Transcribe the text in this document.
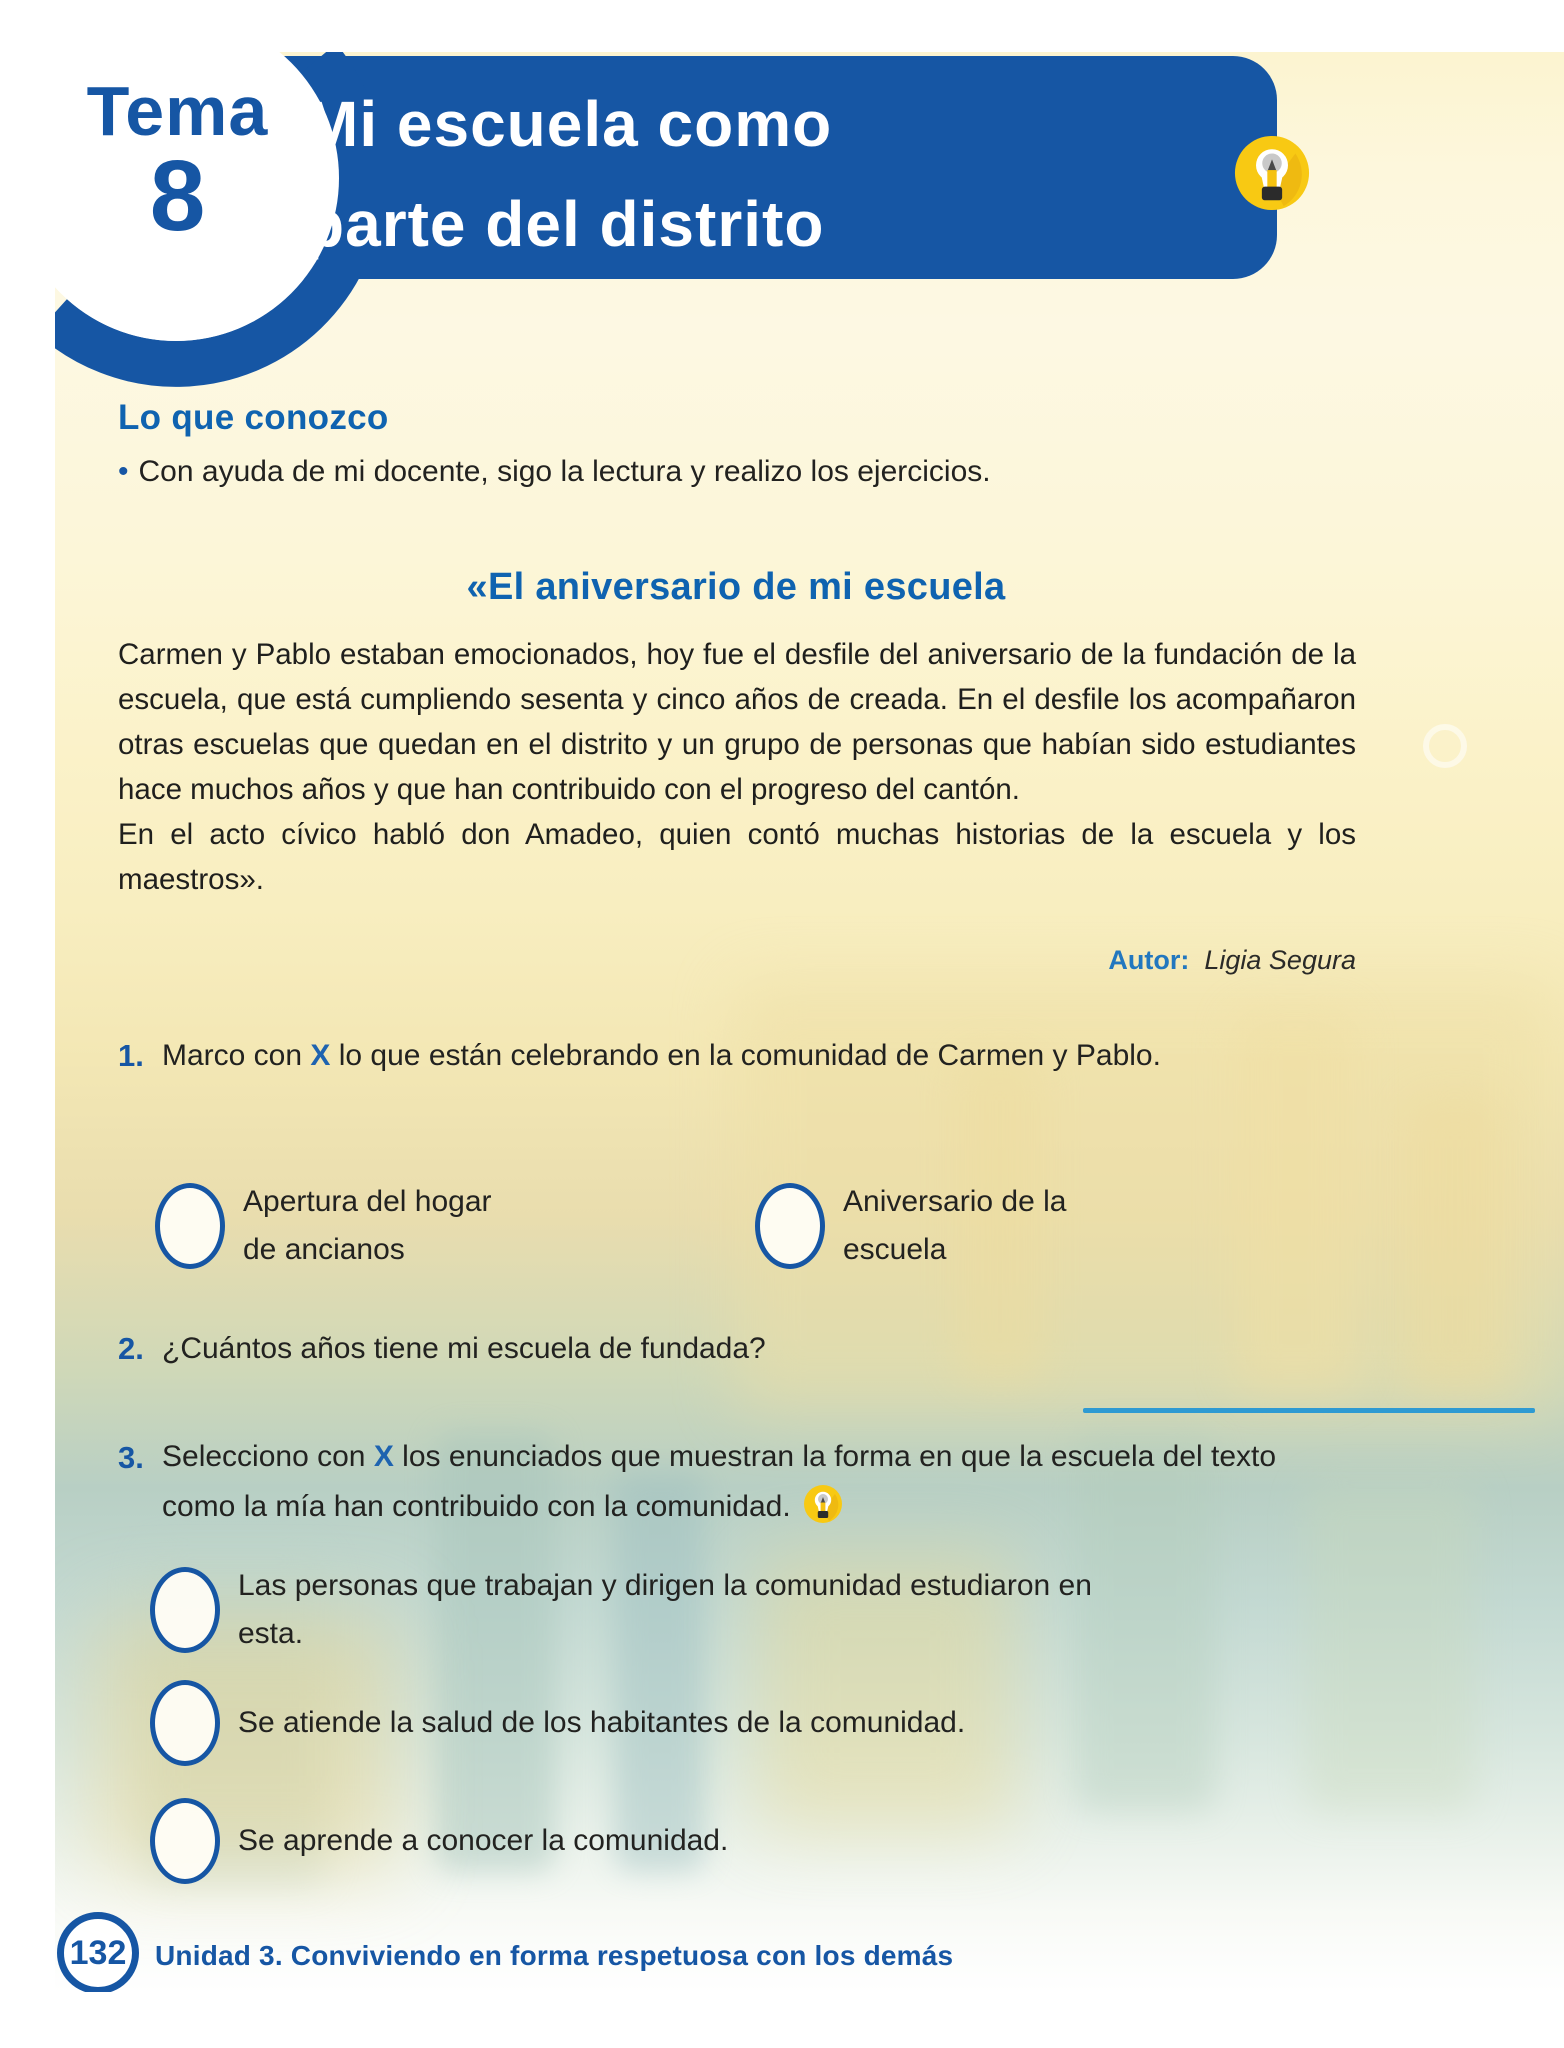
Tema
8
Mi escuela como
parte del distrito
Lo que conozco
• Con ayuda de mi docente, sigo la lectura y realizo los ejercicios.
«El aniversario de mi escuela

Carmen y Pablo estaban emocionados, hoy fue el desfile del aniversario de la fundación de la escuela, que está cumpliendo sesenta y cinco años de creada. En el desfile los acompañaron otras escuelas que quedan en el distrito y un grupo de personas que habían sido estudiantes hace muchos años y que han contribuido con el progreso del cantón.

En el acto cívico habló don Amadeo, quien contó muchas historias de la escuela y los maestros».

Autor: Ligia Segura
1. Marco con X lo que están celebrando en la comunidad de Carmen y Pablo.
Apertura del hogar de ancianos
Aniversario de la escuela
2. ¿Cuántos años tiene mi escuela de fundada?
3. Selecciono con X los enunciados que muestran la forma en que la escuela del texto como la mía han contribuido con la comunidad.
Las personas que trabajan y dirigen la comunidad estudiaron en esta.
Se atiende la salud de los habitantes de la comunidad.
Se aprende a conocer la comunidad.
132 Unidad 3. Conviviendo en forma respetuosa con los demás
